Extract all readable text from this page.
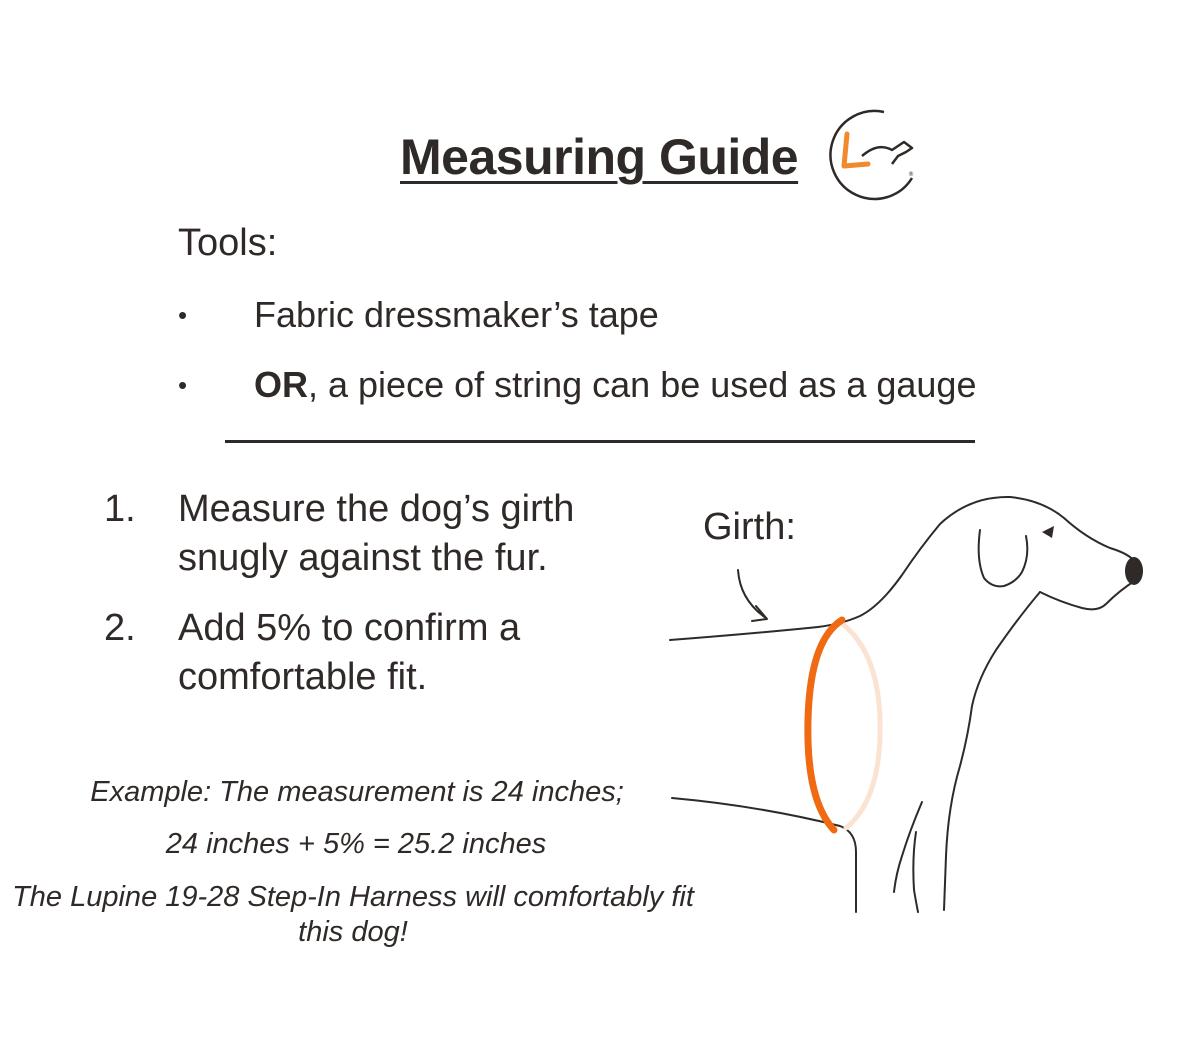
Measuring Guide	®
Tools:
• Fabric dressmaker’s tape
• OR, a piece of string can be used as a gauge
1. Measure the dog’s girth snugly against the fur.
2. Add 5% to confirm a comfortable fit.
Example: The measurement is 24 inches;
24 inches + 5% = 25.2 inches
The Lupine 19-28 Step-In Harness will comfortably fit this dog!
Girth:
